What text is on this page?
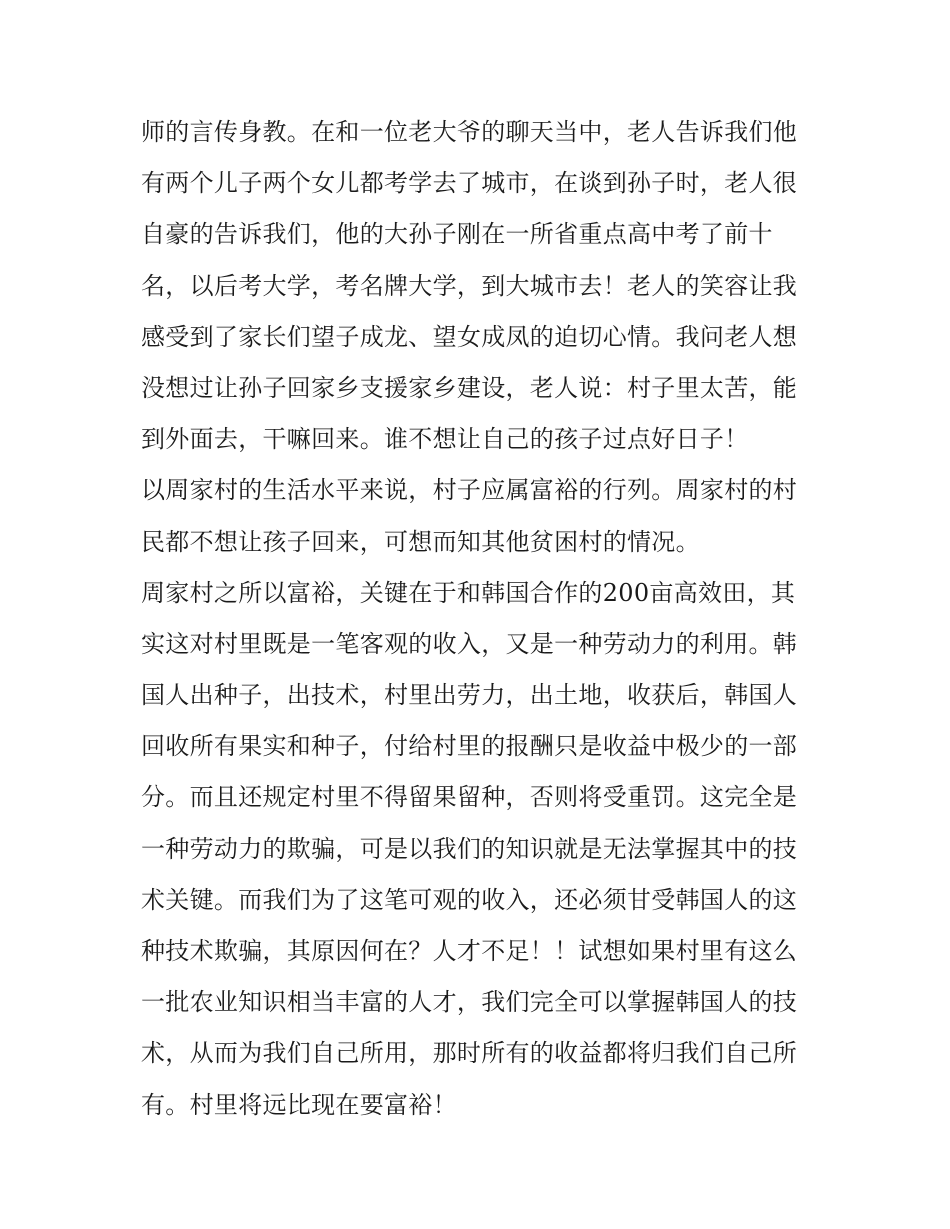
师的言传身教。在和一位老大爷的聊天当中，老人告诉我们他
有两个儿子两个女儿都考学去了城市，在谈到孙子时，老人很
自豪的告诉我们，他的大孙子刚在一所省重点高中考了前十
名，以后考大学，考名牌大学，到大城市去！老人的笑容让我
感受到了家长们望子成龙、望女成凤的迫切心情。我问老人想
没想过让孙子回家乡支援家乡建设，老人说：村子里太苦，能
到外面去，干嘛回来。谁不想让自己的孩子过点好日子！
以周家村的生活水平来说，村子应属富裕的行列。周家村的村
民都不想让孩子回来，可想而知其他贫困村的情况。
周家村之所以富裕，关键在于和韩国合作的200亩高效田，其
实这对村里既是一笔客观的收入，又是一种劳动力的利用。韩
国人出种子，出技术，村里出劳力，出土地，收获后，韩国人
回收所有果实和种子，付给村里的报酬只是收益中极少的一部
分。而且还规定村里不得留果留种，否则将受重罚。这完全是
一种劳动力的欺骗，可是以我们的知识就是无法掌握其中的技
术关键。而我们为了这笔可观的收入，还必须甘受韩国人的这
种技术欺骗，其原因何在？人才不足！！试想如果村里有这么
一批农业知识相当丰富的人才，我们完全可以掌握韩国人的技
术，从而为我们自己所用，那时所有的收益都将归我们自己所
有。村里将远比现在要富裕！
